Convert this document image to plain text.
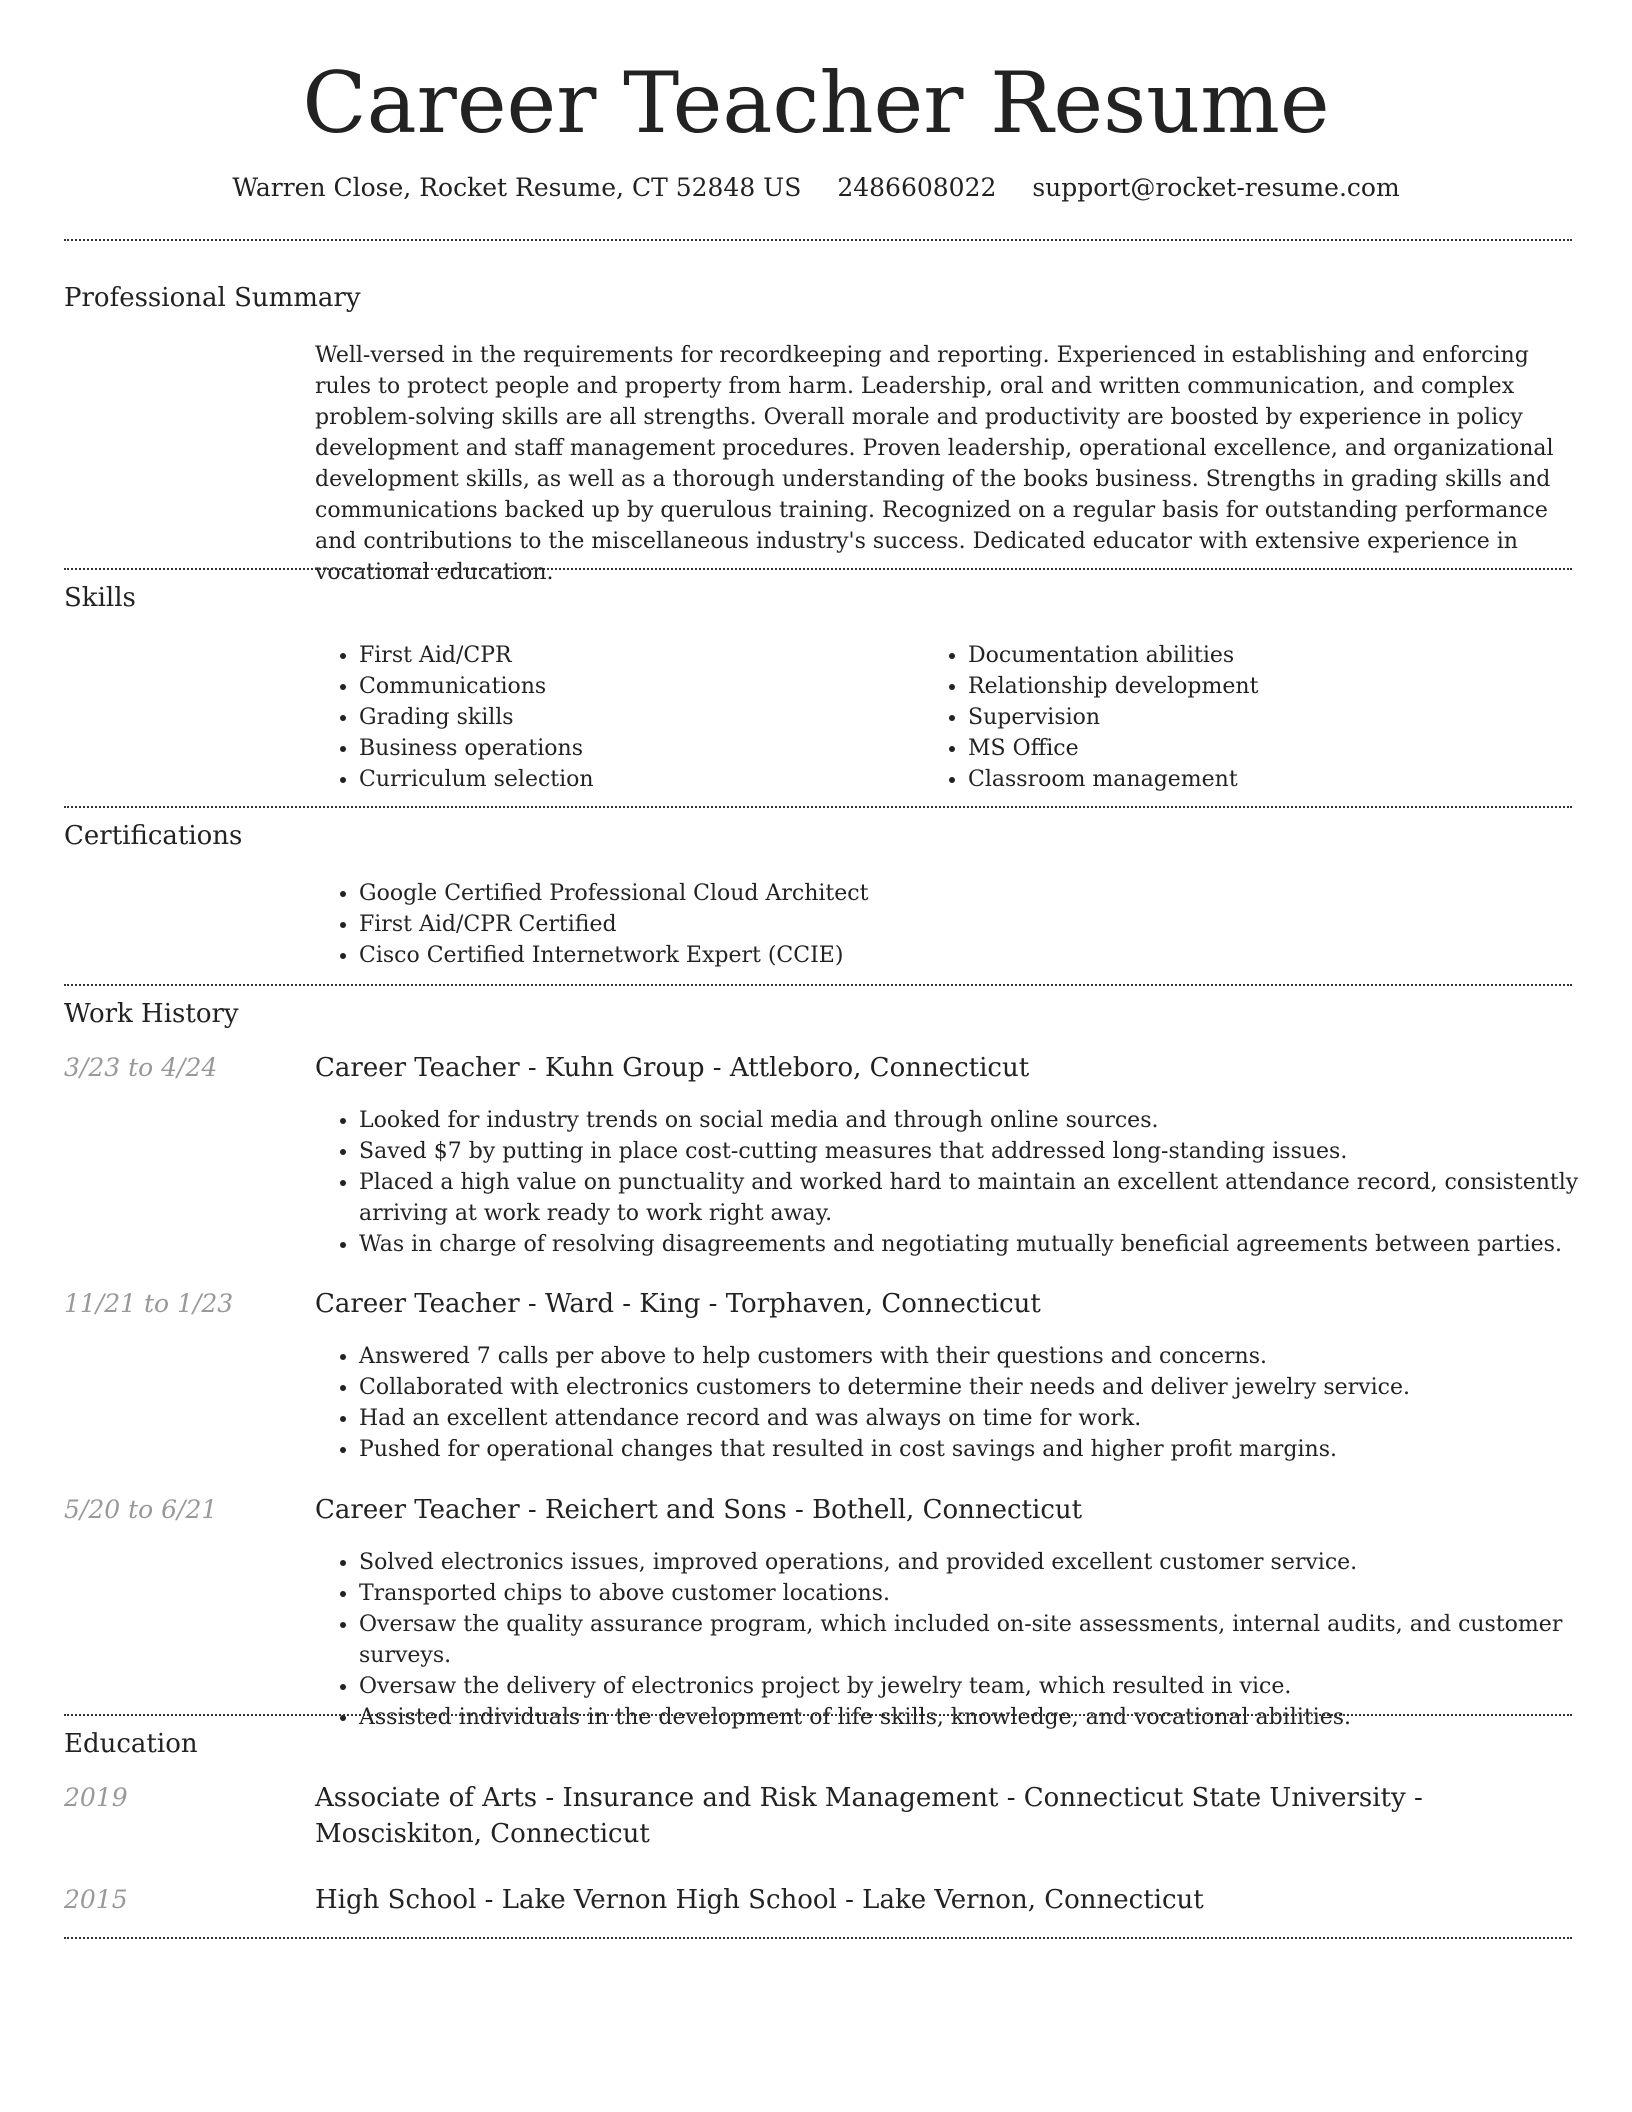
Career Teacher Resume
Warren Close, Rocket Resume, CT 52848 US 2486608022 support@rocket-resume.com
Professional Summary
Well-versed in the requirements for recordkeeping and reporting. Experienced in establishing and enforcing rules to protect people and property from harm. Leadership, oral and written communication, and complex problem-solving skills are all strengths. Overall morale and productivity are boosted by experience in policy development and staff management procedures. Proven leadership, operational excellence, and organizational development skills, as well as a thorough understanding of the books business. Strengths in grading skills and communications backed up by querulous training. Recognized on a regular basis for outstanding performance and contributions to the miscellaneous industry's success. Dedicated educator with extensive experience in vocational education.
Skills
• First Aid/CPR
• Communications
• Grading skills
• Business operations
• Curriculum selection
• Documentation abilities
• Relationship development
• Supervision
• MS Office
• Classroom management
Certifications
• Google Certified Professional Cloud Architect
• First Aid/CPR Certified
• Cisco Certified Internetwork Expert (CCIE)
Work History
3/23 to 4/24	Career Teacher - Kuhn Group - Attleboro, Connecticut
• Looked for industry trends on social media and through online sources.
• Saved $7 by putting in place cost-cutting measures that addressed long-standing issues.
• Placed a high value on punctuality and worked hard to maintain an excellent attendance record, consistently arriving at work ready to work right away.
• Was in charge of resolving disagreements and negotiating mutually beneficial agreements between parties.
11/21 to 1/23	Career Teacher - Ward - King - Torphaven, Connecticut
• Answered 7 calls per above to help customers with their questions and concerns.
• Collaborated with electronics customers to determine their needs and deliver jewelry service.
• Had an excellent attendance record and was always on time for work.
• Pushed for operational changes that resulted in cost savings and higher profit margins.
5/20 to 6/21	Career Teacher - Reichert and Sons - Bothell, Connecticut
• Solved electronics issues, improved operations, and provided excellent customer service.
• Transported chips to above customer locations.
• Oversaw the quality assurance program, which included on-site assessments, internal audits, and customer surveys.
• Oversaw the delivery of electronics project by jewelry team, which resulted in vice.
• Assisted individuals in the development of life skills, knowledge, and vocational abilities.
Education
2019	Associate of Arts - Insurance and Risk Management - Connecticut State University - Mosciskiton, Connecticut
2015	High School - Lake Vernon High School - Lake Vernon, Connecticut
